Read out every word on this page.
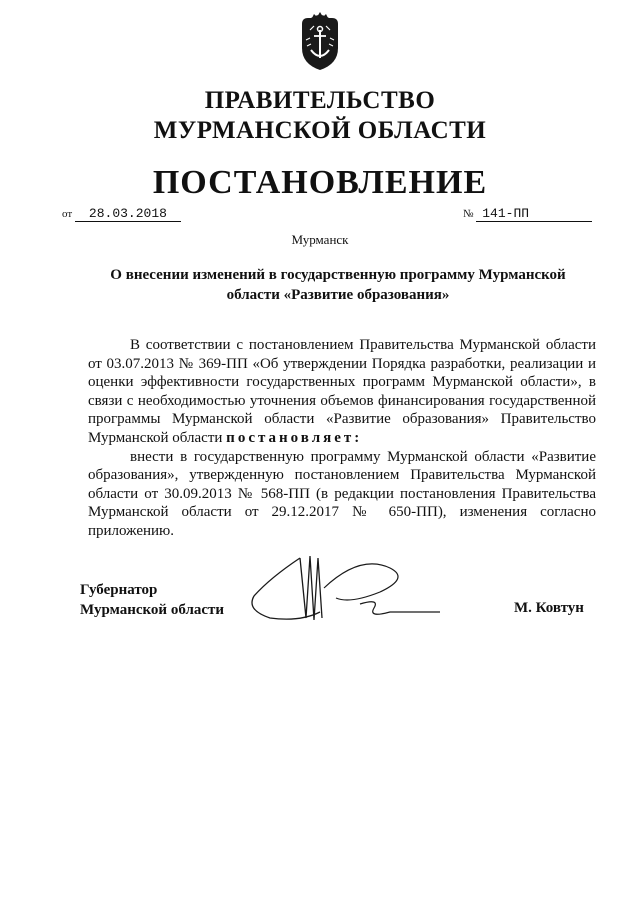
ПРАВИТЕЛЬСТВО
МУРМАНСКОЙ ОБЛАСТИ
ПОСТАНОВЛЕНИЕ
от 28.03.2018	№ 141-ПП
Мурманск
О внесении изменений в государственную программу Мурманской
области «Развитие образования»

В соответствии с постановлением Правительства Мурманской области от 03.07.2013 № 369-ПП «Об утверждении Порядка разработки, реализации и оценки эффективности государственных программ Мурманской области», в связи с необходимостью уточнения объемов финансирования государственной программы Мурманской области «Развитие образования» Правительство Мурманской области постановляет:

внести в государственную программу Мурманской области «Развитие образования», утвержденную постановлением Правительства Мурманской области от 30.09.2013 № 568-ПП (в редакции постановления Правительства Мурманской области от 29.12.2017 № 650-ПП), изменения согласно приложению.

Губернатор
Мурманской области	М. Ковтун
